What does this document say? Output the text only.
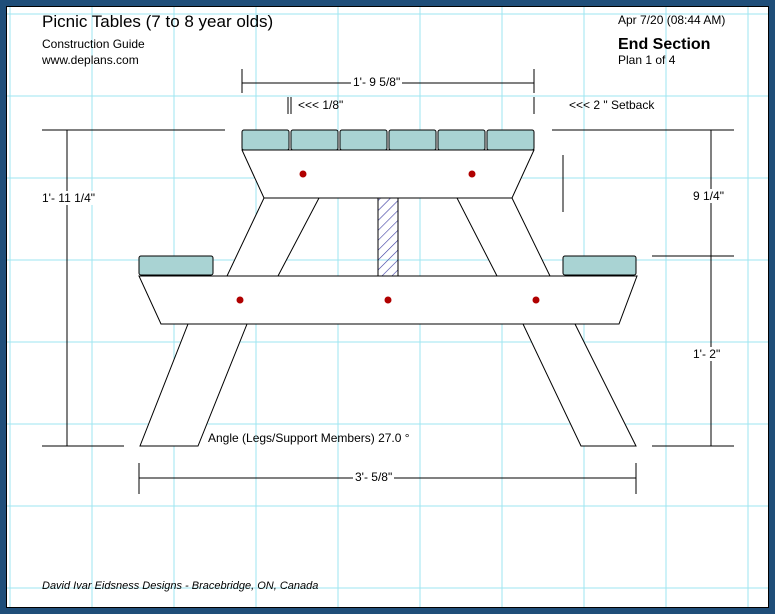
Picnic Tables (7 to 8 year olds)
Construction Guide
www.deplans.com
Apr 7/20 (08:44 AM)
End Section
Plan 1 of 4
1'- 9 5/8"
<<< 1/8"	<<< 2 " Setback
1'- 11 1/4"	9 1/4"
1'- 2"
Angle (Legs/Support Members) 27.0 °
3'- 5/8"
David Ivar Eidsness Designs - Bracebridge, ON, Canada
